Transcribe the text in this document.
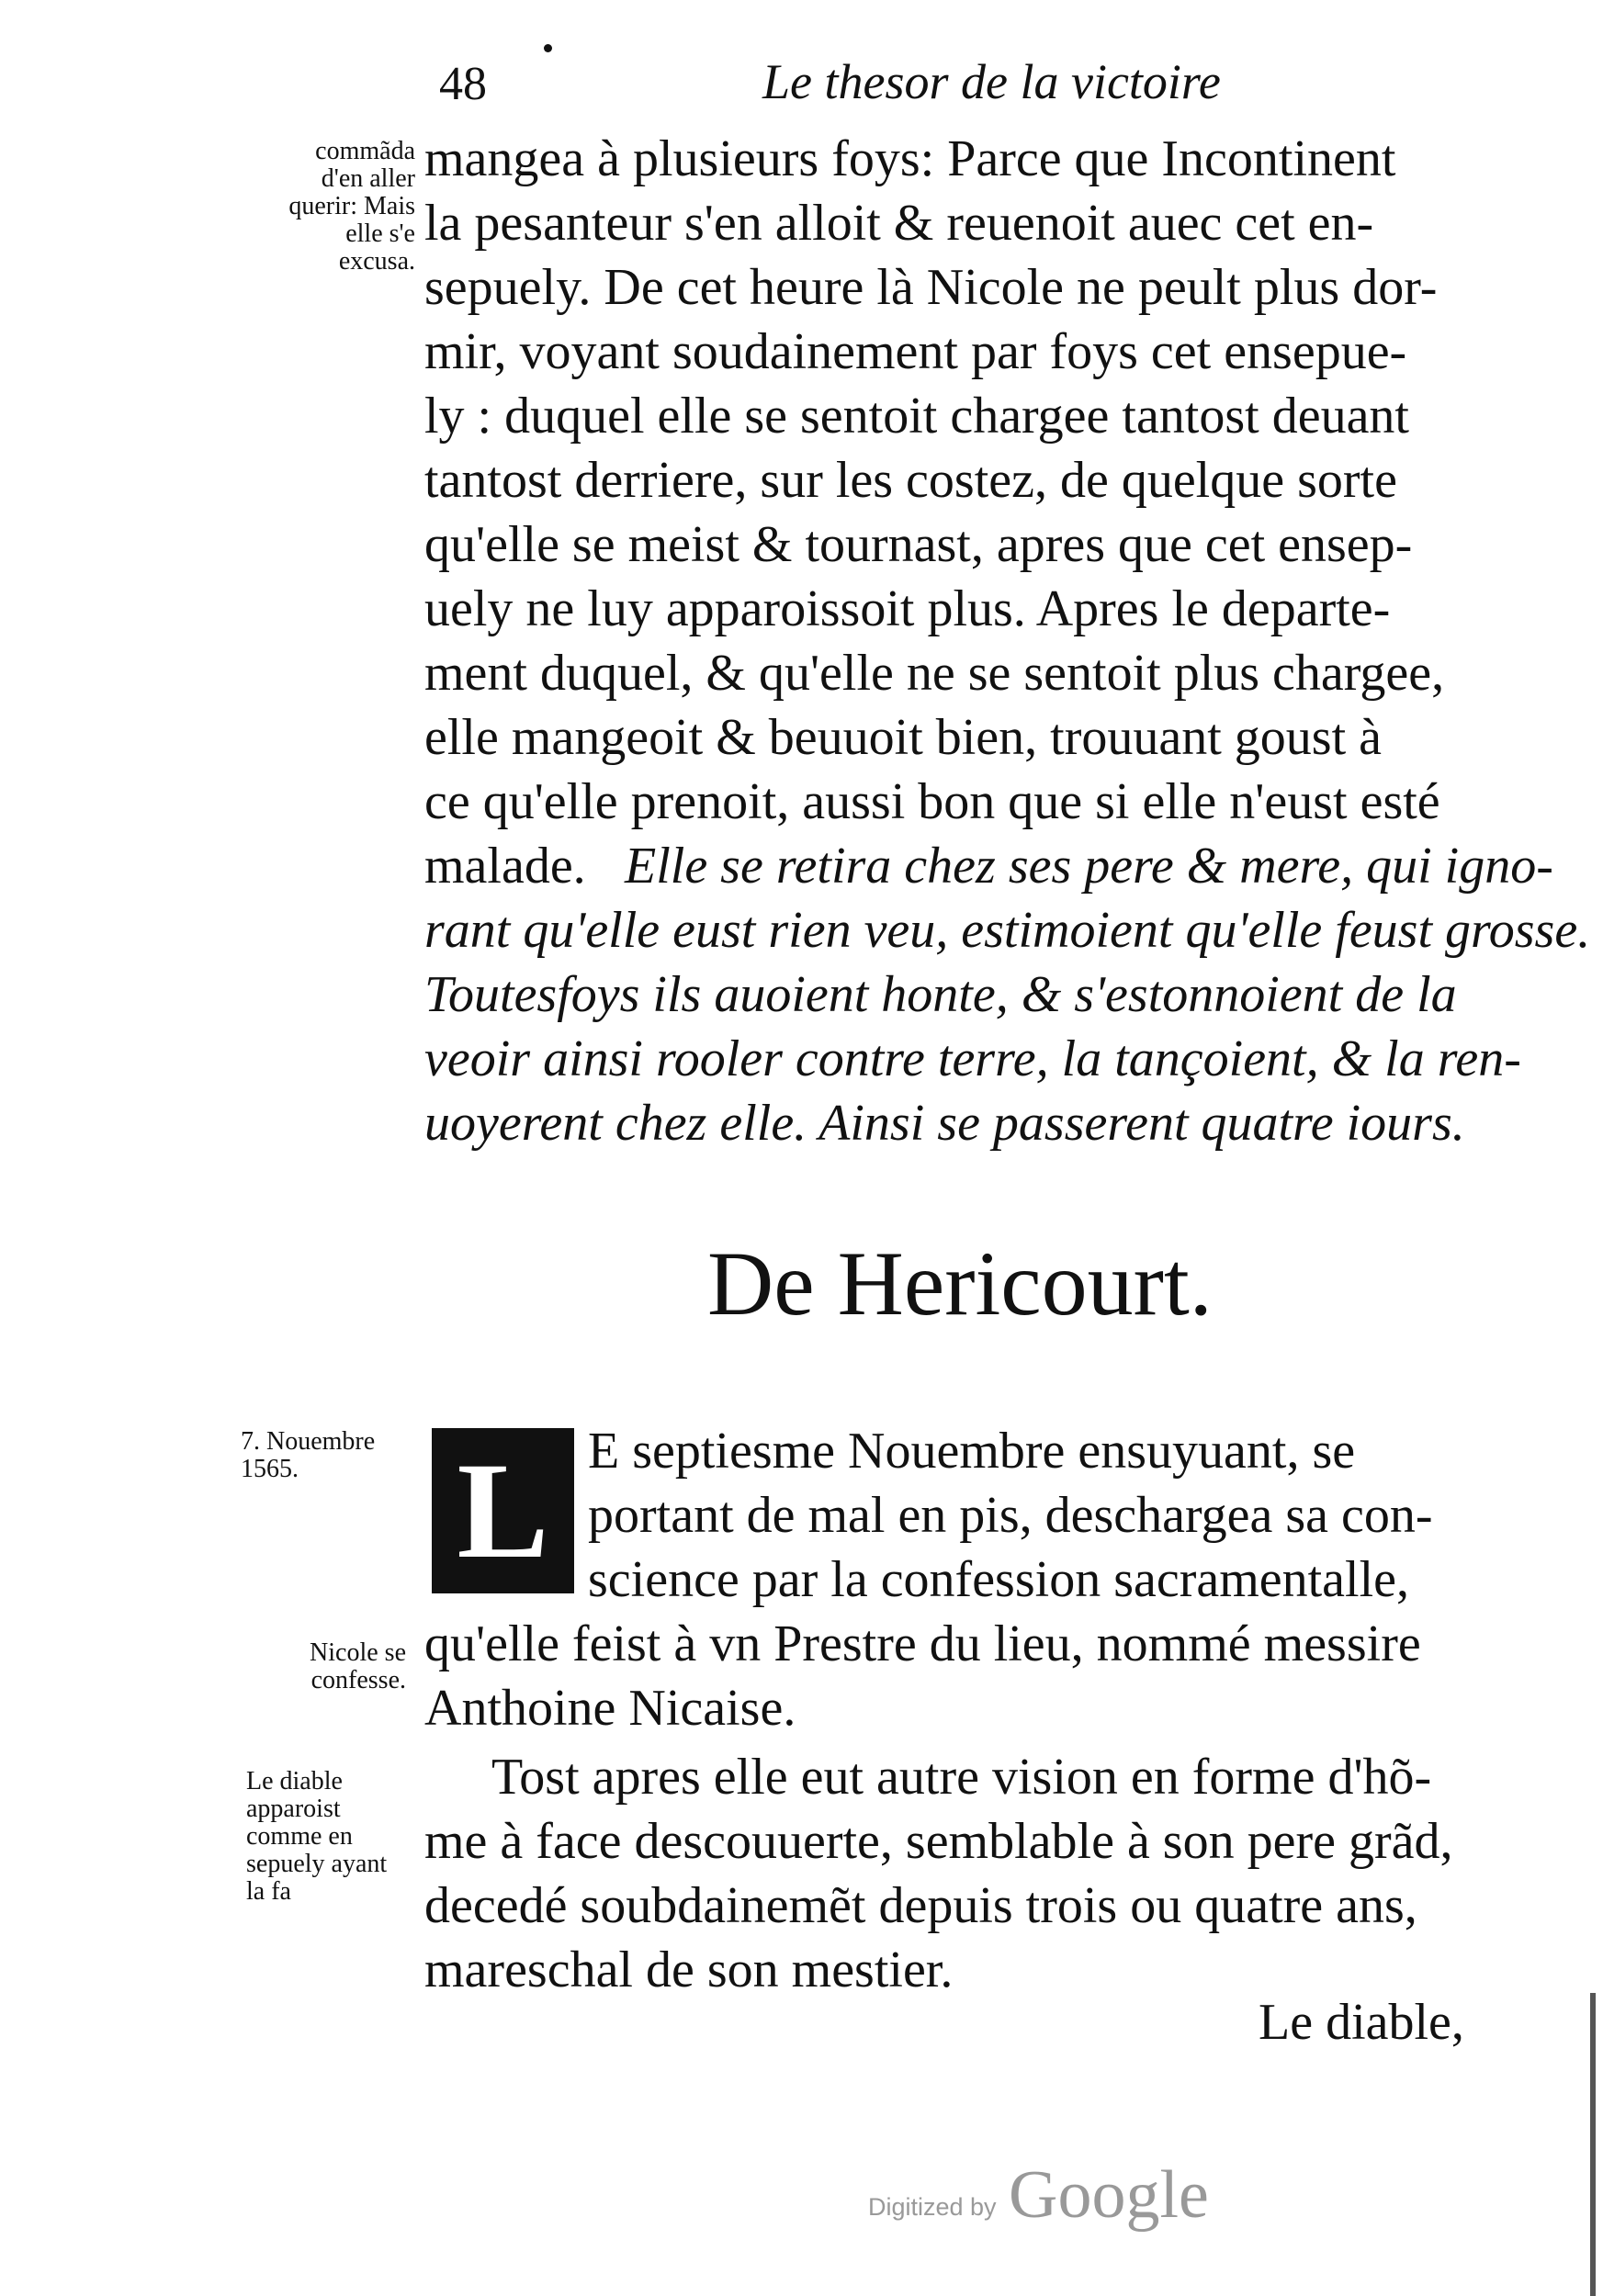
48	Le thesor de la victoire
commãda d'en aller querir: Mais elle s'e excusa.
7. Nouembre 1565.
Nicole se confesse.
Le diable apparoist comme en sepuely ayant la fa
mangea à plusieurs foys: Parce que Incontinent
la pesanteur s'en alloit & reuenoit auec cet en-
sepuely. De cet heure là Nicole ne peult plus dor-
mir, voyant soudainement par foys cet ensepue-
ly : duquel elle se sentoit chargee tantost deuant
tantost derriere, sur les costez, de quelque sorte
qu'elle se meist & tournast, apres que cet ensep-
uely ne luy apparoissoit plus. Apres le departe-
ment duquel, & qu'elle ne se sentoit plus chargee,
elle mangeoit & beuuoit bien, trouuant goust à
ce qu'elle prenoit, aussi bon que si elle n'eust esté
malade. Elle se retira chez ses pere & mere, qui igno-
rant qu'elle eust rien veu, estimoient qu'elle feust grosse.
Toutesfoys ils auoient honte, & s'estonnoient de la
veoir ainsi rooler contre terre, la tançoient, & la ren-
uoyerent chez elle. Ainsi se passerent quatre iours.
De Hericourt.
L E septiesme Nouembre ensuyuant, se
portant de mal en pis, deschargea sa con-
science par la confession sacramentalle,
qu'elle feist à vn Prestre du lieu, nommé messire
Anthoine Nicaise.
Tost apres elle eut autre vision en forme d'hõ-
me à face descouuerte, semblable à son pere grãd,
decedé soubdainemẽt depuis trois ou quatre ans,
mareschal de son mestier.
Le diable,
Digitized by Google
